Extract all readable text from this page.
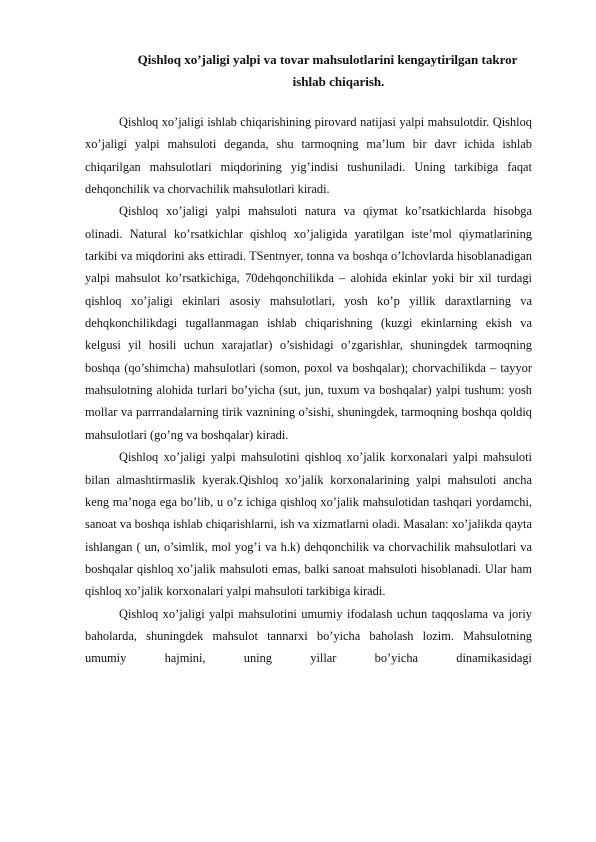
Qishloq xo’jaligi yalpi va tovar mahsulotlarini kengaytirilgan takror
ishlab chiqarish.

Qishloq xo’jaligi ishlab chiqarishining pirovard natijasi yalpi mahsulotdir. Qishloq xo’jaligi yalpi mahsuloti deganda, shu tarmoqning ma’lum bir davr ichida ishlab chiqarilgan mahsulotlari miqdorining yig’indisi tushuniladi. Uning tarkibiga faqat dehqonchilik va chorvachilik mahsulotlari kiradi.

Qishloq xo’jaligi yalpi mahsuloti natura va qiymat ko’rsatkichlarda hisobga olinadi. Natural ko’rsatkichlar qishloq xo’jaligida yaratilgan iste’mol qiymatlarining tarkibi va miqdorini aks ettiradi. TSentnyer, tonna va boshqa o’lchovlarda hisoblanadigan yalpi mahsulot ko’rsatkichiga, 70dehqonchilikda – alohida ekinlar yoki bir xil turdagi qishloq xo’jaligi ekinlari asosiy mahsulotlari, yosh ko’p yillik daraxtlarning va dehqkonchilikdagi tugallanmagan ishlab chiqarishning (kuzgi ekinlarning ekish va kelgusi yil hosili uchun xarajatlar) o’sishidagi o’zgarishlar, shuningdek tarmoqning boshqa (qo’shimcha) mahsulotlari (somon, poxol va boshqalar); chorvachilikda – tayyor mahsulotning alohida turlari bo’yicha (sut, jun, tuxum va boshqalar) yalpi tushum: yosh mollar va parrrandalarning tirik vaznining o’sishi, shuningdek, tarmoqning boshqa qoldiq mahsulotlari (go’ng va boshqalar) kiradi.

Qishloq xo’jaligi yalpi mahsulotini qishloq xo’jalik korxonalari yalpi mahsuloti bilan almashtirmaslik kyerak.Qishloq xo’jalik korxonalarining yalpi mahsuloti ancha keng ma’noga ega bo’lib, u o’z ichiga qishloq xo’jalik mahsulotidan tashqari yordamchi, sanoat va boshqa ishlab chiqarishlarni, ish va xizmatlarni oladi. Masalan: xo’jalikda qayta ishlangan ( un, o’simlik, mol yog’i va h.k) dehqonchilik va chorvachilik mahsulotlari va boshqalar qishloq xo’jalik mahsuloti emas, balki sanoat mahsuloti hisoblanadi. Ular ham qishloq xo’jalik korxonalari yalpi mahsuloti tarkibiga kiradi.

Qishloq xo’jaligi yalpi mahsulotini umumiy ifodalash uchun taqqoslama va joriy baholarda, shuningdek mahsulot tannarxi bo’yicha baholash lozim. Mahsulotning umumiy hajmini, uning yillar bo’yicha dinamikasidagi
